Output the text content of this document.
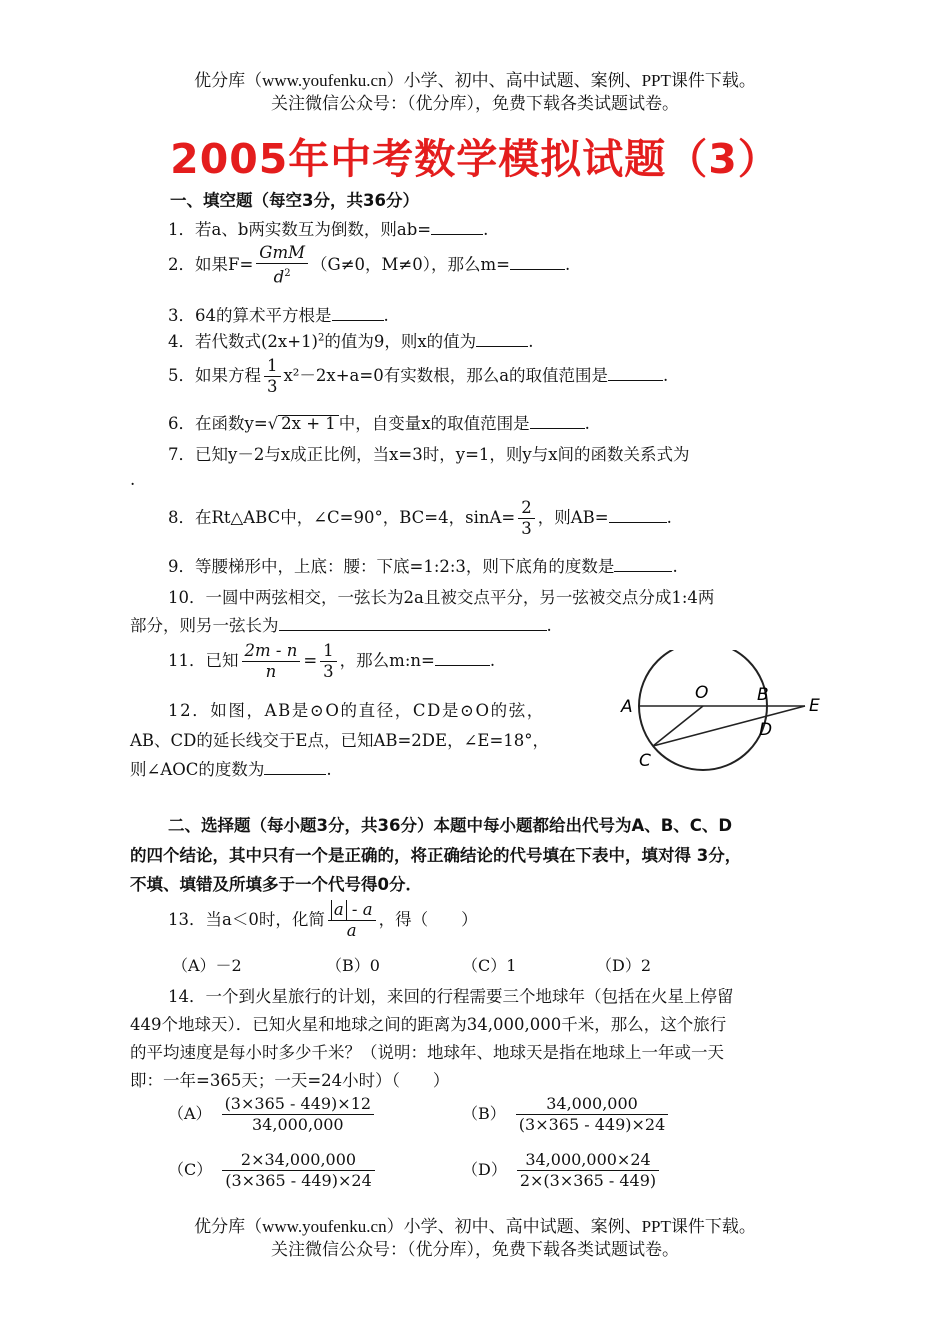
优分库（www.youfenku.cn）小学、初中、高中试题、案例、PPT课件下载。
关注微信公众号：（优分库），免费下载各类试题试卷。
2005年中考数学模拟试题（3）
一、填空题（每空3分，共36分）
1．若a、b两实数互为倒数，则ab=	.
2．如果$F= \frac{\text{GmM}}{d^2} (G\ne 0$，M≠0），那么m=	.
3．64的算术平方根是	.
4．若代数式$(2x+1)^2$的值为9，则x的值为	.
5．如果方程 $\frac{1}{3} x^2-2x+a=0$有实数根，那么a的取值范围是	.
6．在函数y=√ 2x + 1 中，自变量x的取值范围是	.
7．已知y－2与x成正比例，当x=3时，y=1，则y与x间的函数关系式为
.
8．在Rt△ABC中，∠C=90°，BC=4，$\sin A= \frac{2}{3}$ ，则AB=	.
9．等腰梯形中，上底：腰：下底=1:2:3，则下底角的度数是	.
10．一圆中两弦相交，一弦长为2a且被交点平分，另一弦被交点分成1:4两
部分，则另一弦长为	.
11．已知 $\frac{2m - n}{n} = \frac{1}{3}$ ，那么m:n=	.
12．如图，AB是⊙O的直径，CD是⊙O的弦，
AB、CD的延长线交于E点，已知AB=2DE，∠E=18°，
则∠AOC的度数为	.
A
O	B
E
C
D
二、选择题（每小题3分，共36分）本题中每小题都给出代号为A、B、C、D
的四个结论，其中只有一个是正确的，将正确结论的代号填在下表中，填对得 3分，
不填、填错及所填多于一个代号得0分．
13．当a＜0时，化简 $\frac{a - a}{a}$ ，得（　　）
（A）－2	（B）0	（C）1	（D）2
14．一个到火星旅行的计划，来回的行程需要三个地球年（包括在火星上停留
449个地球天）．已知火星和地球之间的距离为34,000,000千米，那么，这个旅行
的平均速度是每小时多少千米？（说明：地球年、地球天是指在地球上一年或一天
即：一年=365天；一天=24小时）（　　）
$(A) \frac{(3\times 365 - 449)\times 12}{34,000,000}$	$(B) \frac{34,000,000}{(3\times 365 - 449)\times 24}$
$(C) \frac{2\times 34,000,000}{(3\times 365 - 449)\times 24}$	$(D) \frac{34,000,000\times 24}{2\times(3\times 365 - 449)}$
优分库（www.youfenku.cn）小学、初中、高中试题、案例、PPT课件下载。
关注微信公众号：（优分库），免费下载各类试题试卷。
